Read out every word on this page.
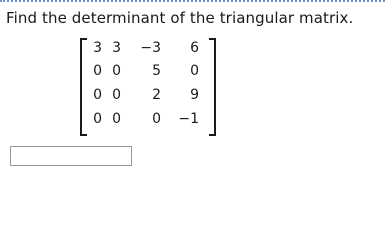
Find the determinant of the triangular matrix.
3 3 −3 6
0 0 5 0
0 0 2 9
0 0 0 −1
